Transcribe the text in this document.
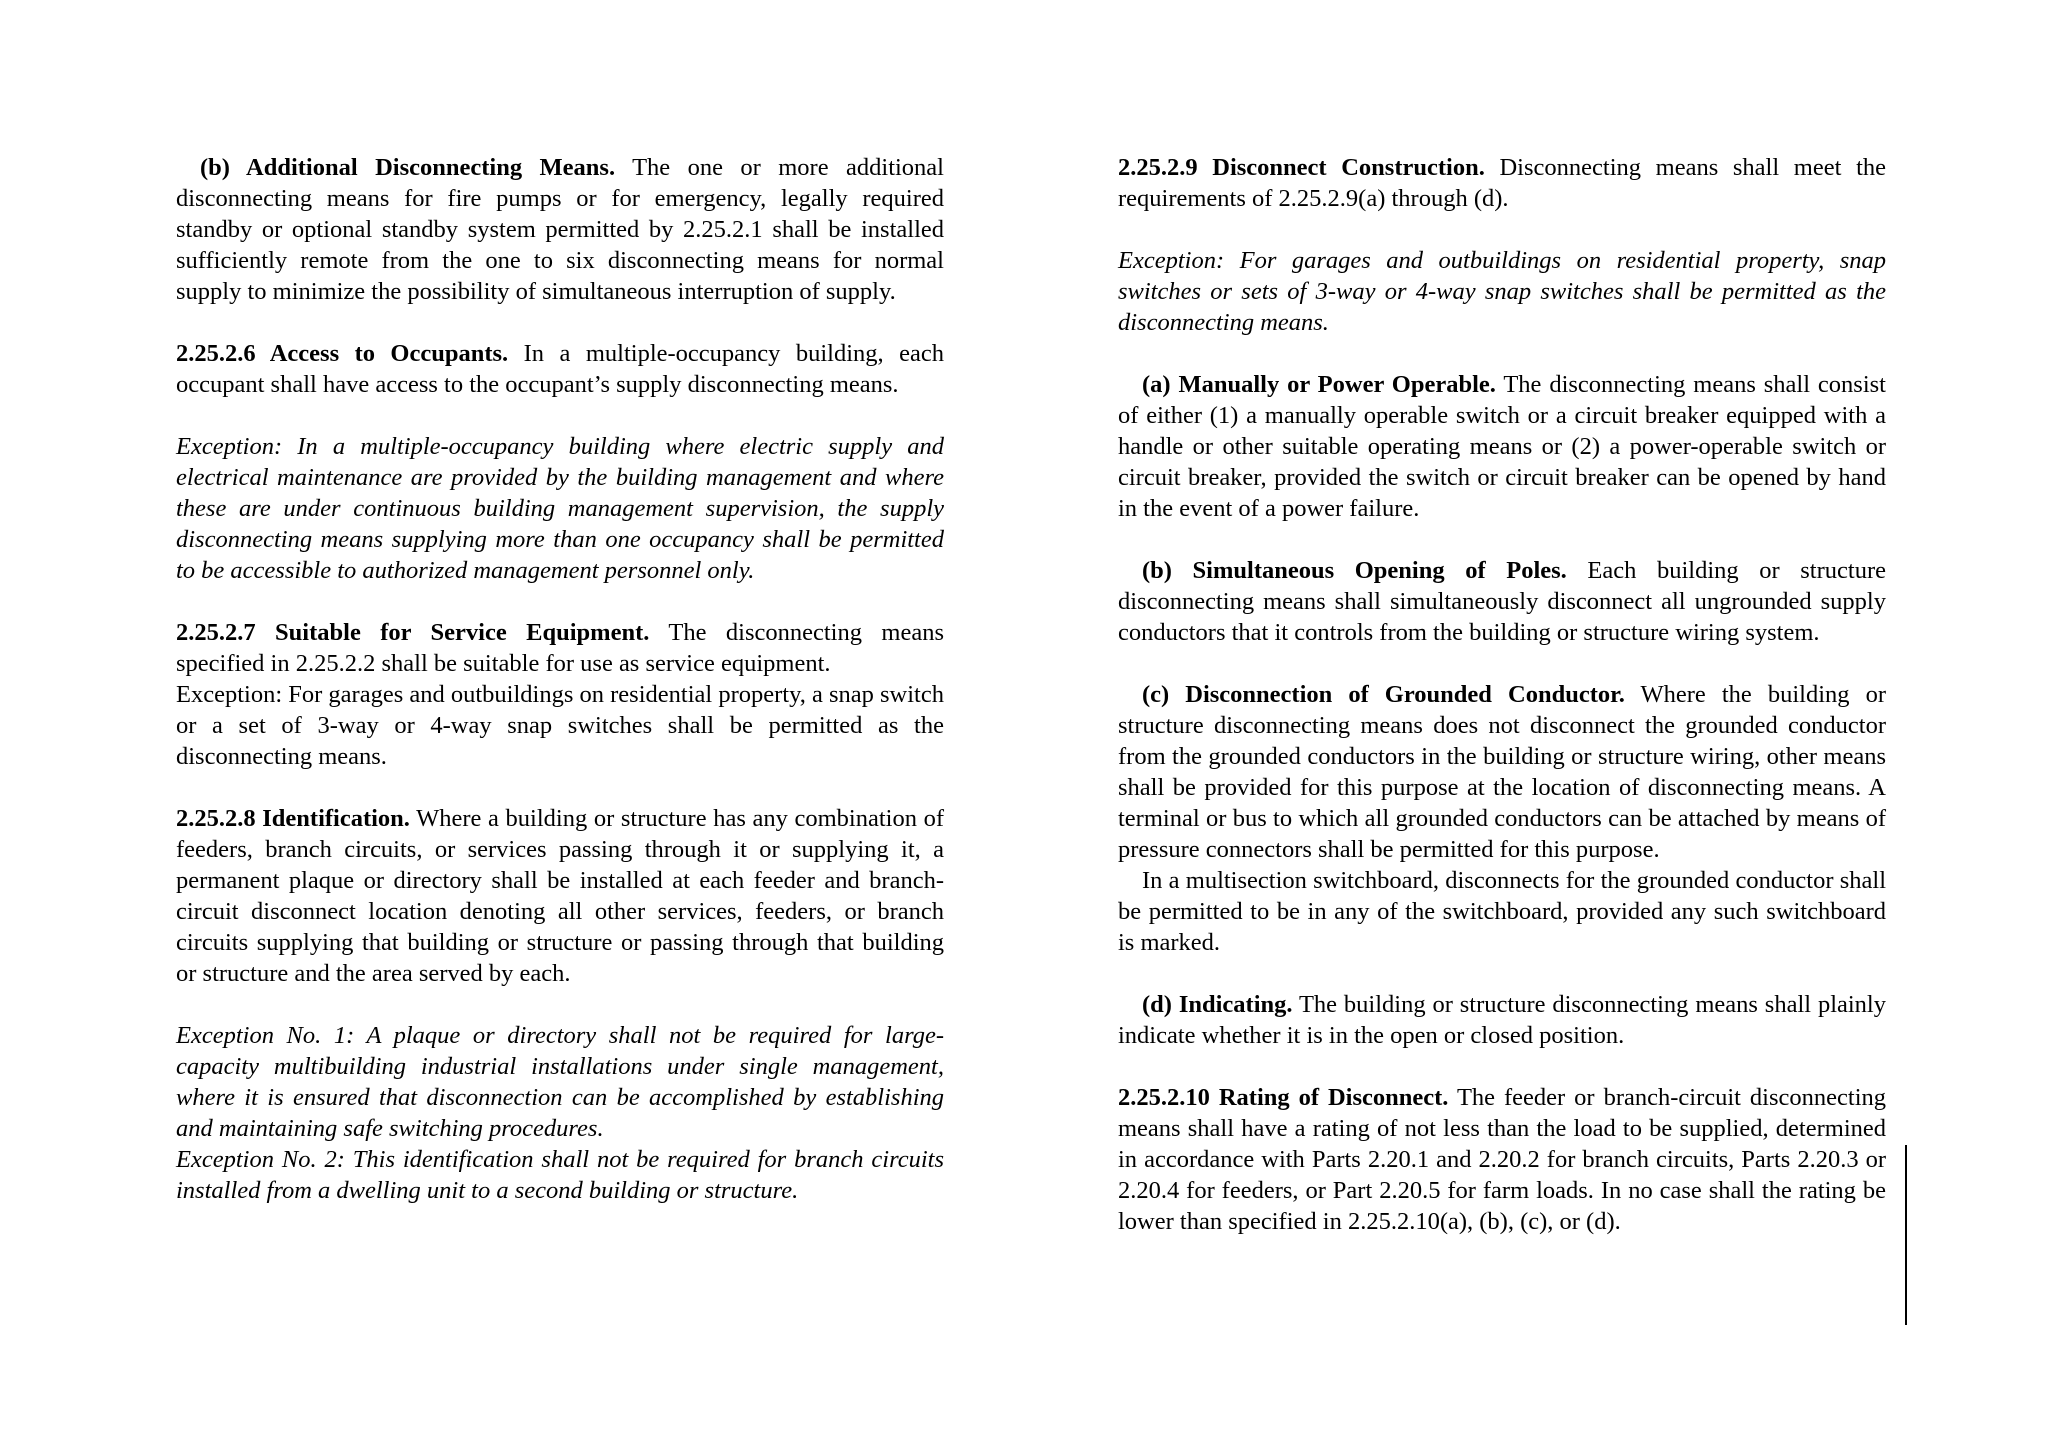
(b) Additional Disconnecting Means. The one or more additional disconnecting means for fire pumps or for emergency, legally required standby or optional standby system permitted by 2.25.2.1 shall be installed sufficiently remote from the one to six disconnecting means for normal supply to minimize the possibility of simultaneous interruption of supply.

2.25.2.6 Access to Occupants. In a multiple-occupancy building, each occupant shall have access to the occupant’s supply disconnecting means.

Exception: In a multiple-occupancy building where electric supply and electrical maintenance are provided by the building management and where these are under continuous building management supervision, the supply disconnecting means supplying more than one occupancy shall be permitted to be accessible to authorized management personnel only.

2.25.2.7 Suitable for Service Equipment. The disconnecting means specified in 2.25.2.2 shall be suitable for use as service equipment.

Exception: For garages and outbuildings on residential property, a snap switch or a set of 3-way or 4-way snap switches shall be permitted as the disconnecting means.

2.25.2.8 Identification. Where a building or structure has any combination of feeders, branch circuits, or services passing through it or supplying it, a permanent plaque or directory shall be installed at each feeder and branch-circuit disconnect location denoting all other services, feeders, or branch circuits supplying that building or structure or passing through that building or structure and the area served by each.

Exception No. 1: A plaque or directory shall not be required for large-capacity multibuilding industrial installations under single management, where it is ensured that disconnection can be accomplished by establishing and maintaining safe switching procedures.

Exception No. 2: This identification shall not be required for branch circuits installed from a dwelling unit to a second building or structure.

2.25.2.9 Disconnect Construction. Disconnecting means shall meet the requirements of 2.25.2.9(a) through (d).

Exception: For garages and outbuildings on residential property, snap switches or sets of 3-way or 4-way snap switches shall be permitted as the disconnecting means.

(a) Manually or Power Operable. The disconnecting means shall consist of either (1) a manually operable switch or a circuit breaker equipped with a handle or other suitable operating means or (2) a power-operable switch or circuit breaker, provided the switch or circuit breaker can be opened by hand in the event of a power failure.

(b) Simultaneous Opening of Poles. Each building or structure disconnecting means shall simultaneously disconnect all ungrounded supply conductors that it controls from the building or structure wiring system.

(c) Disconnection of Grounded Conductor. Where the building or structure disconnecting means does not disconnect the grounded conductor from the grounded conductors in the building or structure wiring, other means shall be provided for this purpose at the location of disconnecting means. A terminal or bus to which all grounded conductors can be attached by means of pressure connectors shall be permitted for this purpose.

In a multisection switchboard, disconnects for the grounded conductor shall be permitted to be in any of the switchboard, provided any such switchboard is marked.

(d) Indicating. The building or structure disconnecting means shall plainly indicate whether it is in the open or closed position.

2.25.2.10 Rating of Disconnect. The feeder or branch-circuit disconnecting means shall have a rating of not less than the load to be supplied, determined in accordance with Parts 2.20.1 and 2.20.2 for branch circuits, Parts 2.20.3 or 2.20.4 for feeders, or Part 2.20.5 for farm loads. In no case shall the rating be lower than specified in 2.25.2.10(a), (b), (c), or (d).
